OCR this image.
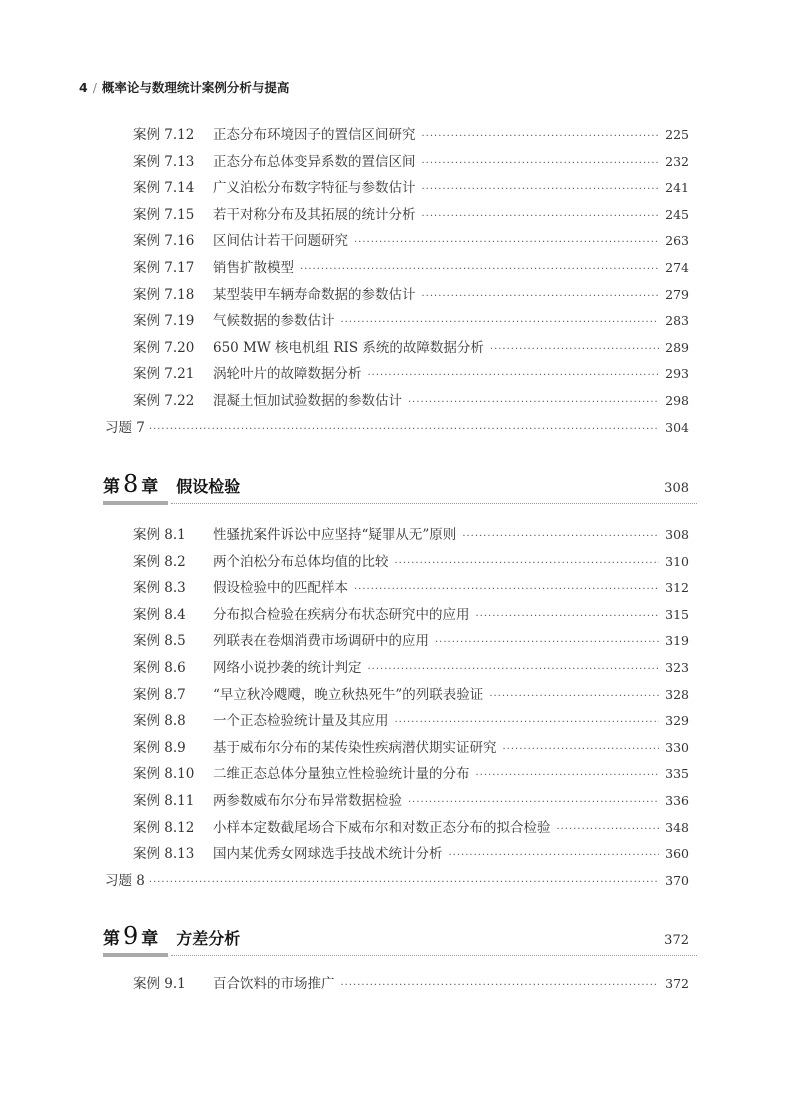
4 / 概率论与数理统计案例分析与提高
案例 7.12	正态分布环境因子的置信区间研究 ·····	225
案例 7.13	正态分布总体变异系数的置信区间 ·····	232
案例 7.14	广义泊松分布数字特征与参数估计 ·····	241
案例 7.15	若干对称分布及其拓展的统计分析 ·····	245
案例 7.16	区间估计若干问题研究 ·····	263
案例 7.17	销售扩散模型 ·····	274
案例 7.18	某型装甲车辆寿命数据的参数估计 ·····	279
案例 7.19	气候数据的参数估计 ·····	283
案例 7.20	650 MW 核电机组 RIS 系统的故障数据分析 ·····	289
案例 7.21	涡轮叶片的故障数据分析 ·····	293
案例 7.22	混凝土恒加试验数据的参数估计 ·····	298
习题 7 ·····	304
第 8 章 假设检验	308
案例 8.1	性骚扰案件诉讼中应坚持“疑罪从无”原则 ·····	308
案例 8.2	两个泊松分布总体均值的比较 ·····	310
案例 8.3	假设检验中的匹配样本 ·····	312
案例 8.4	分布拟合检验在疾病分布状态研究中的应用 ·····	315
案例 8.5	列联表在卷烟消费市场调研中的应用 ·····	319
案例 8.6	网络小说抄袭的统计判定 ·····	323
案例 8.7	“早立秋冷飕飕，晚立秋热死牛”的列联表验证 ·····	328
案例 8.8	一个正态检验统计量及其应用 ·····	329
案例 8.9	基于威布尔分布的某传染性疾病潜伏期实证研究 ·····	330
案例 8.10	二维正态总体分量独立性检验统计量的分布 ·····	335
案例 8.11	两参数威布尔分布异常数据检验 ·····	336
案例 8.12	小样本定数截尾场合下威布尔和对数正态分布的拟合检验 ·····	348
案例 8.13	国内某优秀女网球选手技战术统计分析 ·····	360
习题 8 ·····	370
第 9 章 方差分析	372
案例 9.1	百合饮料的市场推广 ·····	372
